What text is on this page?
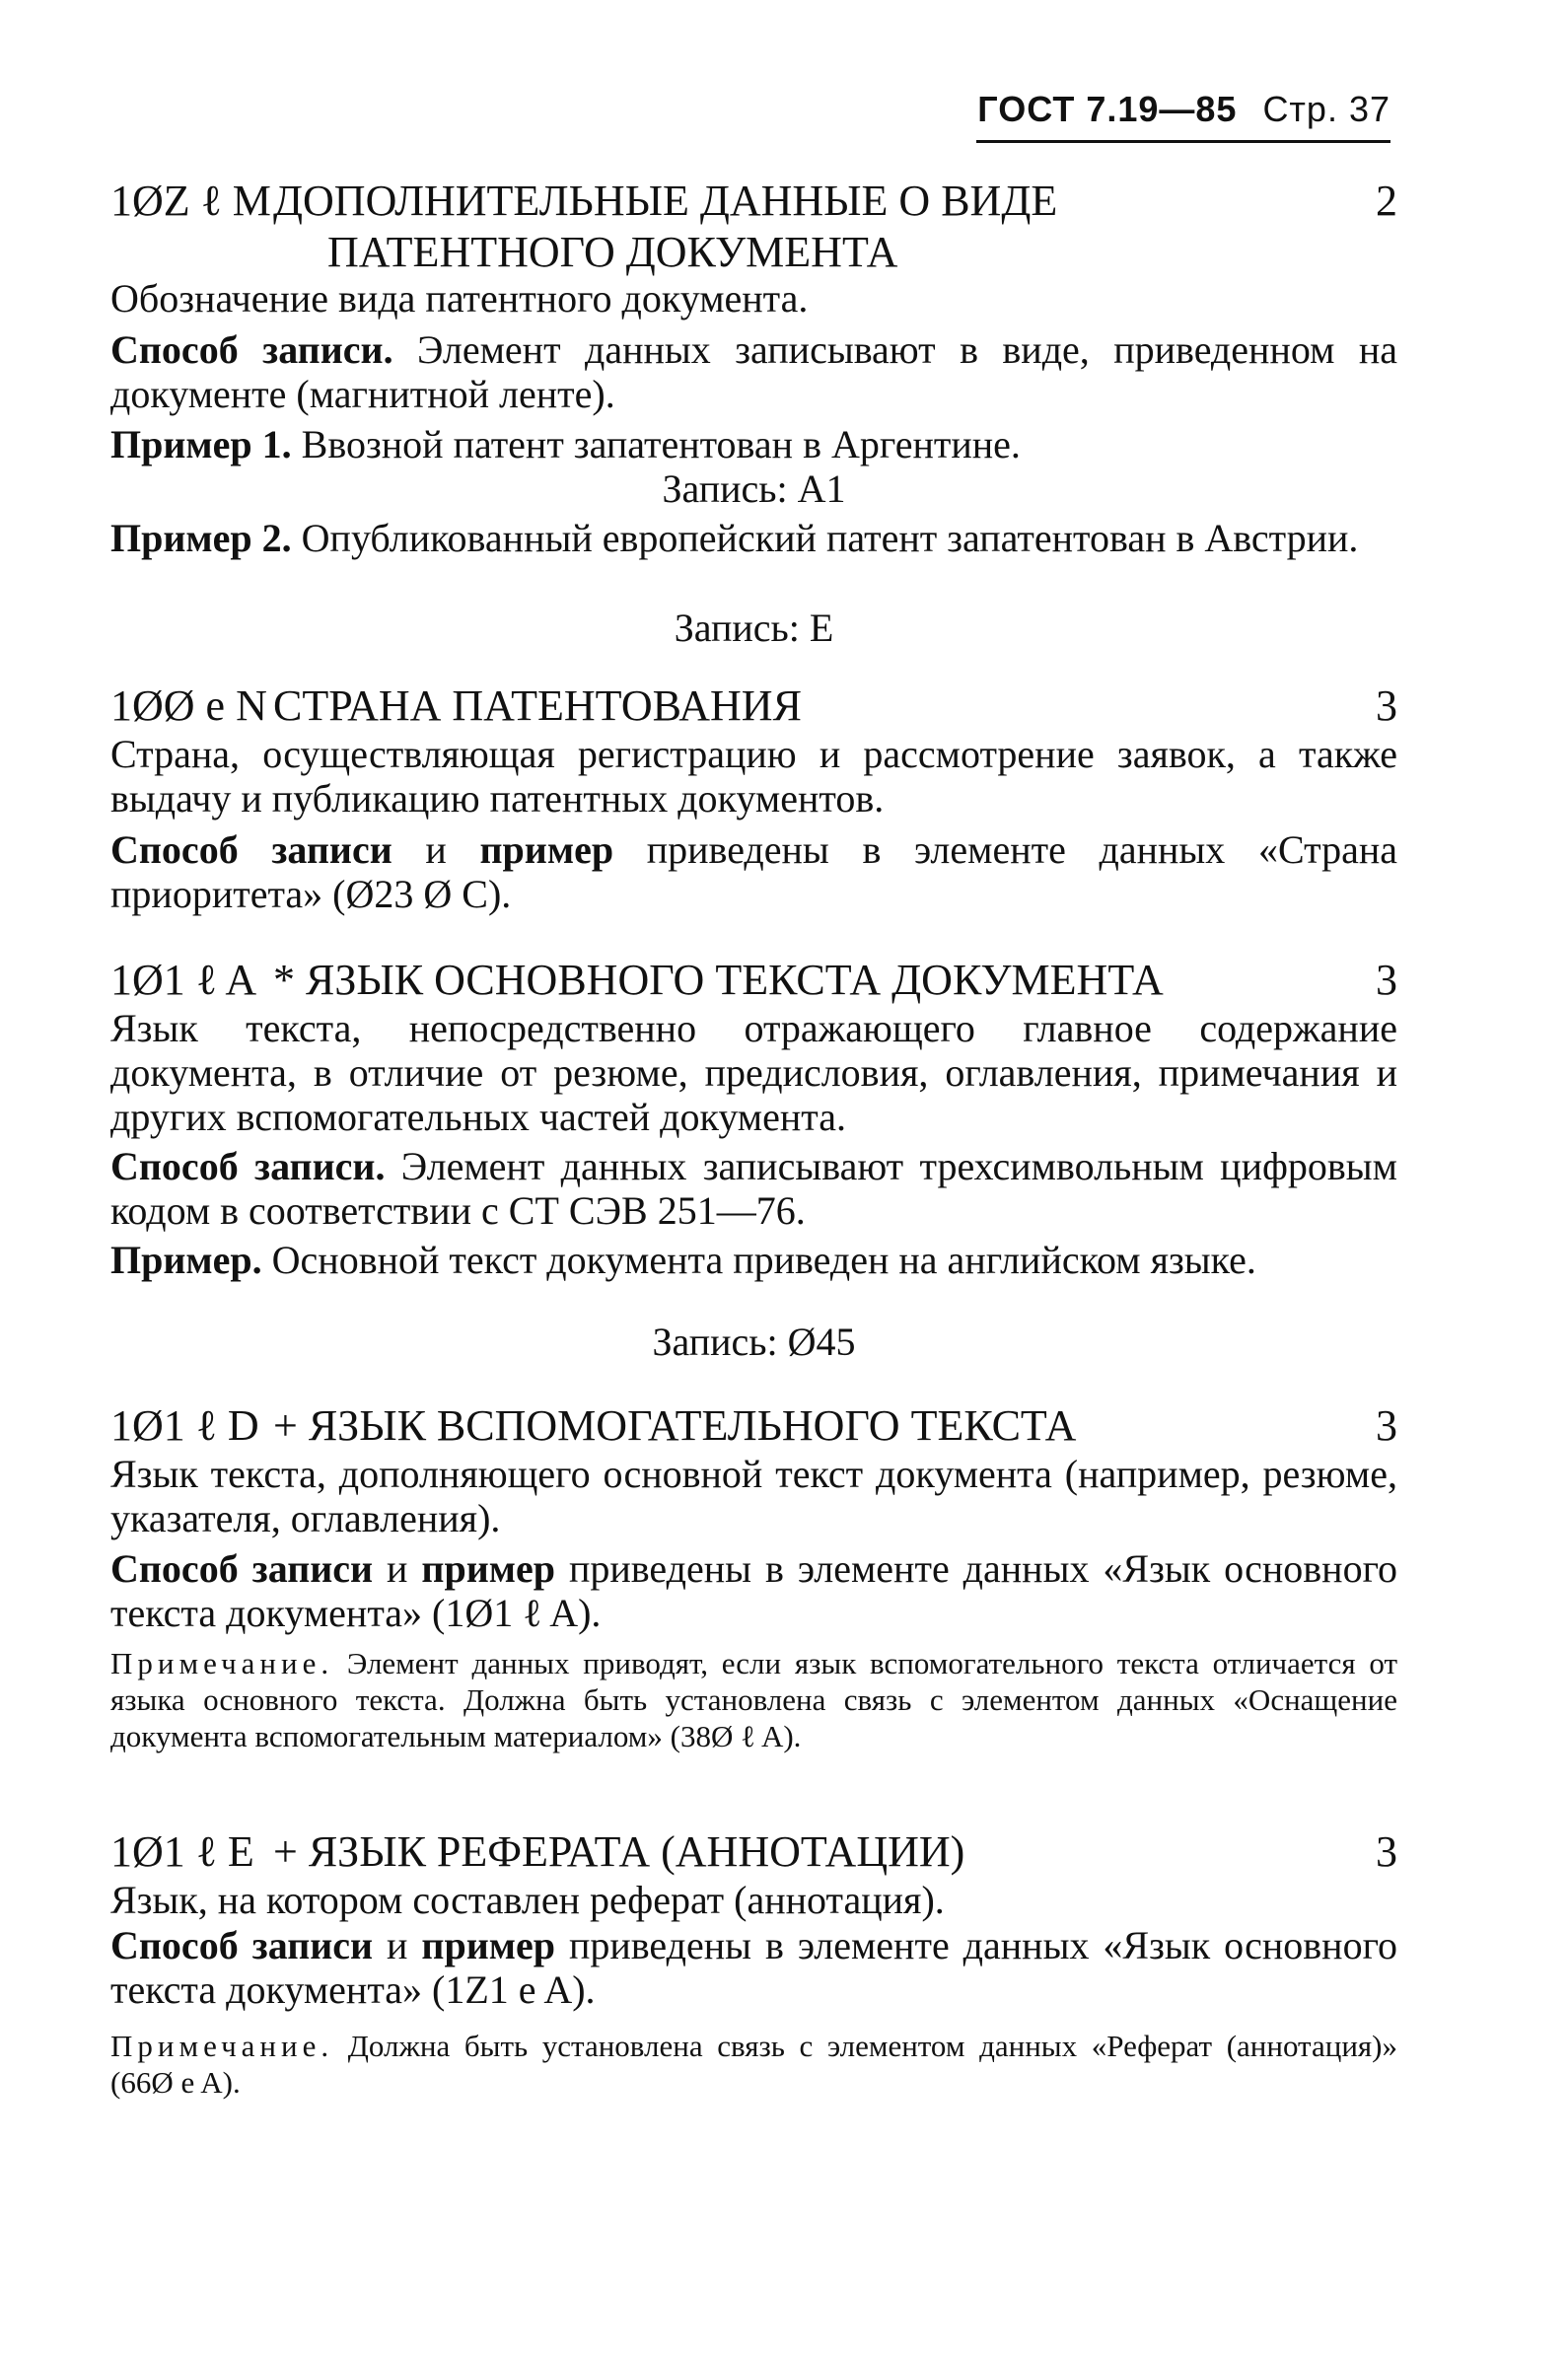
ГОСТ 7.19—85 Стр. 37
1ØZ ℓ MДОПОЛНИТЕЛЬНЫЕ ДАННЫЕ О ВИДЕ	2
ПАТЕНТНОГО ДОКУМЕНТА
Обозначение вида патентного документа.
Способ записи. Элемент данных записывают в виде, приведенном на документе (магнитной ленте).
Пример 1. Ввозной патент запатентован в Аргентине.
Запись: A1
Пример 2. Опубликованный европейский патент запатентован в Австрии.
Запись: E
1ØØ e N СТРАНА ПАТЕНТОВАНИЯ	3
Страна, осуществляющая регистрацию и рассмотрение заявок, а также выдачу и публикацию патентных документов.
Способ записи и пример приведены в элементе данных «Страна приоритета» (Ø23 Ø C).
1Ø1 ℓ A * ЯЗЫК ОСНОВНОГО ТЕКСТА ДОКУМЕНТА	3
Язык текста, непосредственно отражающего главное содержание документа, в отличие от резюме, предисловия, оглавления, примечания и других вспомогательных частей документа.
Способ записи. Элемент данных записывают трехсимвольным цифровым кодом в соответствии с СТ СЭВ 251—76.
Пример. Основной текст документа приведен на английском языке.
Запись: Ø45
1Ø1 ℓ D + ЯЗЫК ВСПОМОГАТЕЛЬНОГО ТЕКСТА	3
Язык текста, дополняющего основной текст документа (например, резюме, указателя, оглавления).
Способ записи и пример приведены в элементе данных «Язык основного текста документа» (1Ø1 ℓ A).
Примечание. Элемент данных приводят, если язык вспомогательного текста отличается от языка основного текста. Должна быть установлена связь с элементом данных «Оснащение документа вспомогательным материалом» (38Ø ℓ A).
1Ø1 ℓ E + ЯЗЫК РЕФЕРАТА (АННОТАЦИИ)	3
Язык, на котором составлен реферат (аннотация).
Способ записи и пример приведены в элементе данных «Язык основного текста документа» (1Z1 e A).
Примечание. Должна быть установлена связь с элементом данных «Реферат (аннотация)» (66Ø e A).
